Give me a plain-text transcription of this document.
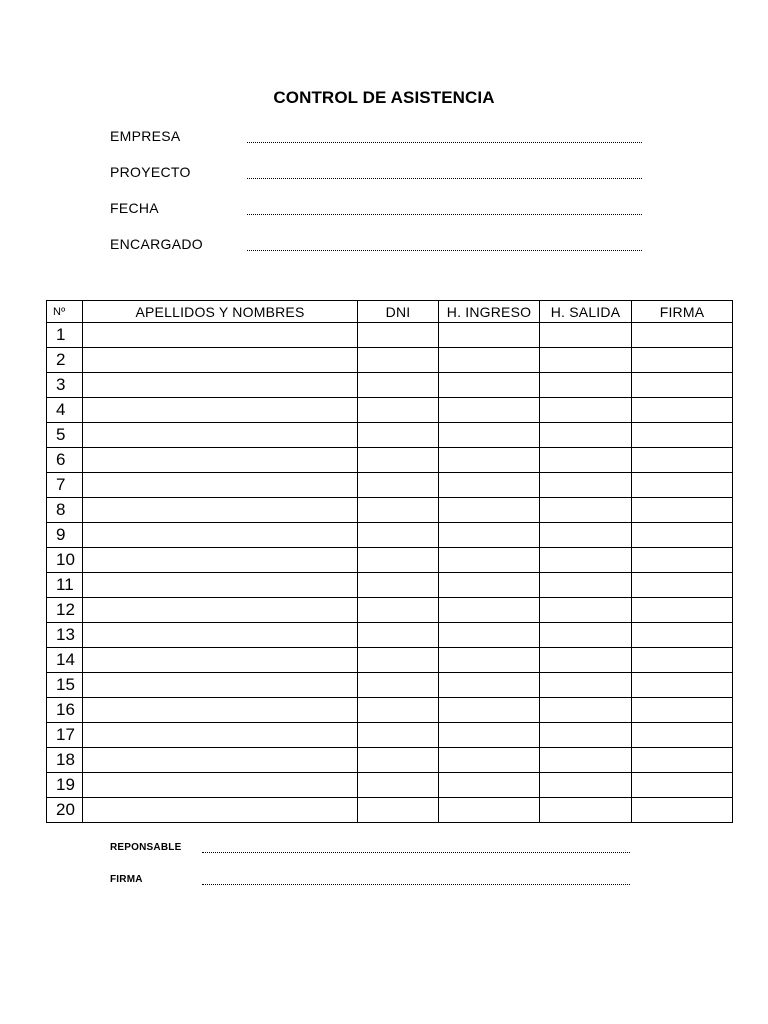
CONTROL DE ASISTENCIA
EMPRESA
PROYECTO
FECHA
ENCARGADO
Nº	APELLIDOS Y NOMBRES	DNI	H. INGRESO	H. SALIDA	FIRMA
1					
2					
3					
4					
5					
6					
7					
8					
9					
10					
11					
12					
13					
14					
15					
16					
17					
18					
19					
20					
REPONSABLE
FIRMA
